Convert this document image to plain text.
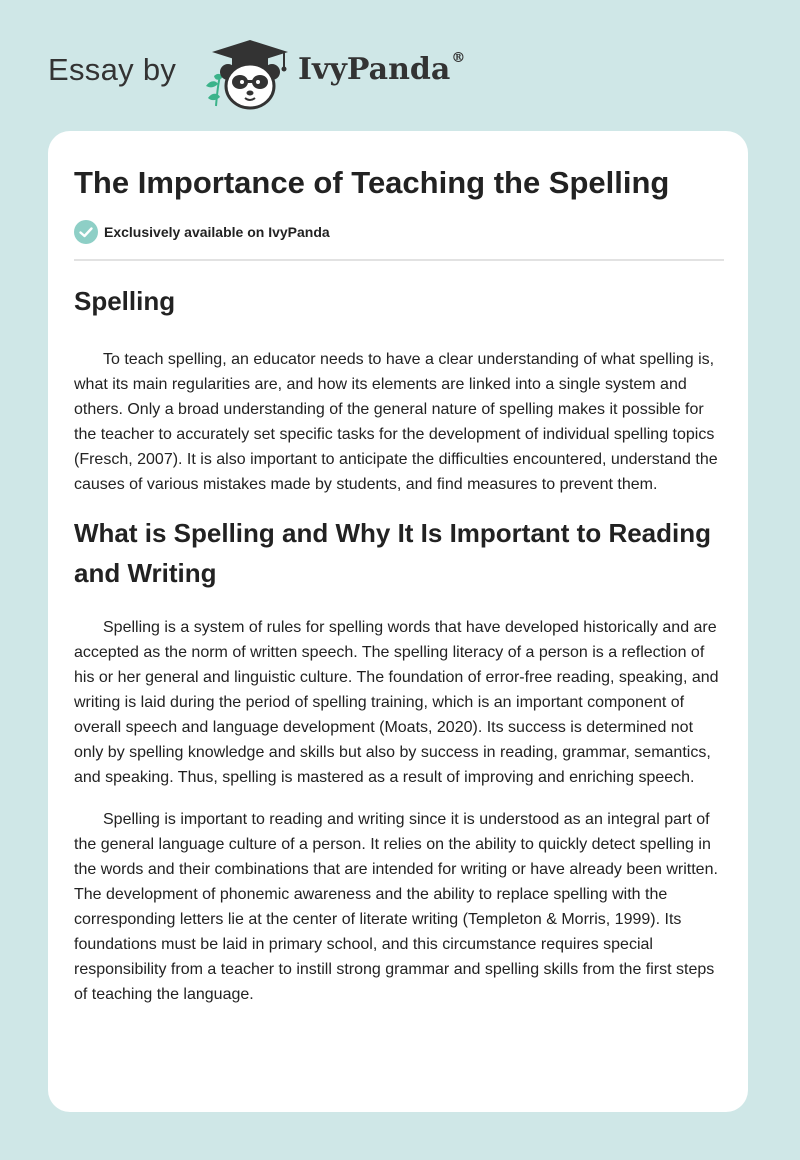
Essay by	IvyPanda®
The Importance of Teaching the Spelling
Exclusively available on IvyPanda
Spelling

To teach spelling, an educator needs to have a clear understanding of what spelling is, what its main regularities are, and how its elements are linked into a single system and others. Only a broad understanding of the general nature of spelling makes it possible for the teacher to accurately set specific tasks for the development of individual spelling topics (Fresch, 2007). It is also important to anticipate the difficulties encountered, understand the causes of various mistakes made by students, and find measures to prevent them.

What is Spelling and Why It Is Important to Reading and Writing

Spelling is a system of rules for spelling words that have developed historically and are accepted as the norm of written speech. The spelling literacy of a person is a reflection of his or her general and linguistic culture. The foundation of error-free reading, speaking, and writing is laid during the period of spelling training, which is an important component of overall speech and language development (Moats, 2020). Its success is determined not only by spelling knowledge and skills but also by success in reading, grammar, semantics, and speaking. Thus, spelling is mastered as a result of improving and enriching speech.

Spelling is important to reading and writing since it is understood as an integral part of the general language culture of a person. It relies on the ability to quickly detect spelling in the words and their combinations that are intended for writing or have already been written. The development of phonemic awareness and the ability to replace spelling with the corresponding letters lie at the center of literate writing (Templeton & Morris, 1999). Its foundations must be laid in primary school, and this circumstance requires special responsibility from a teacher to instill strong grammar and spelling skills from the first steps of teaching the language.
